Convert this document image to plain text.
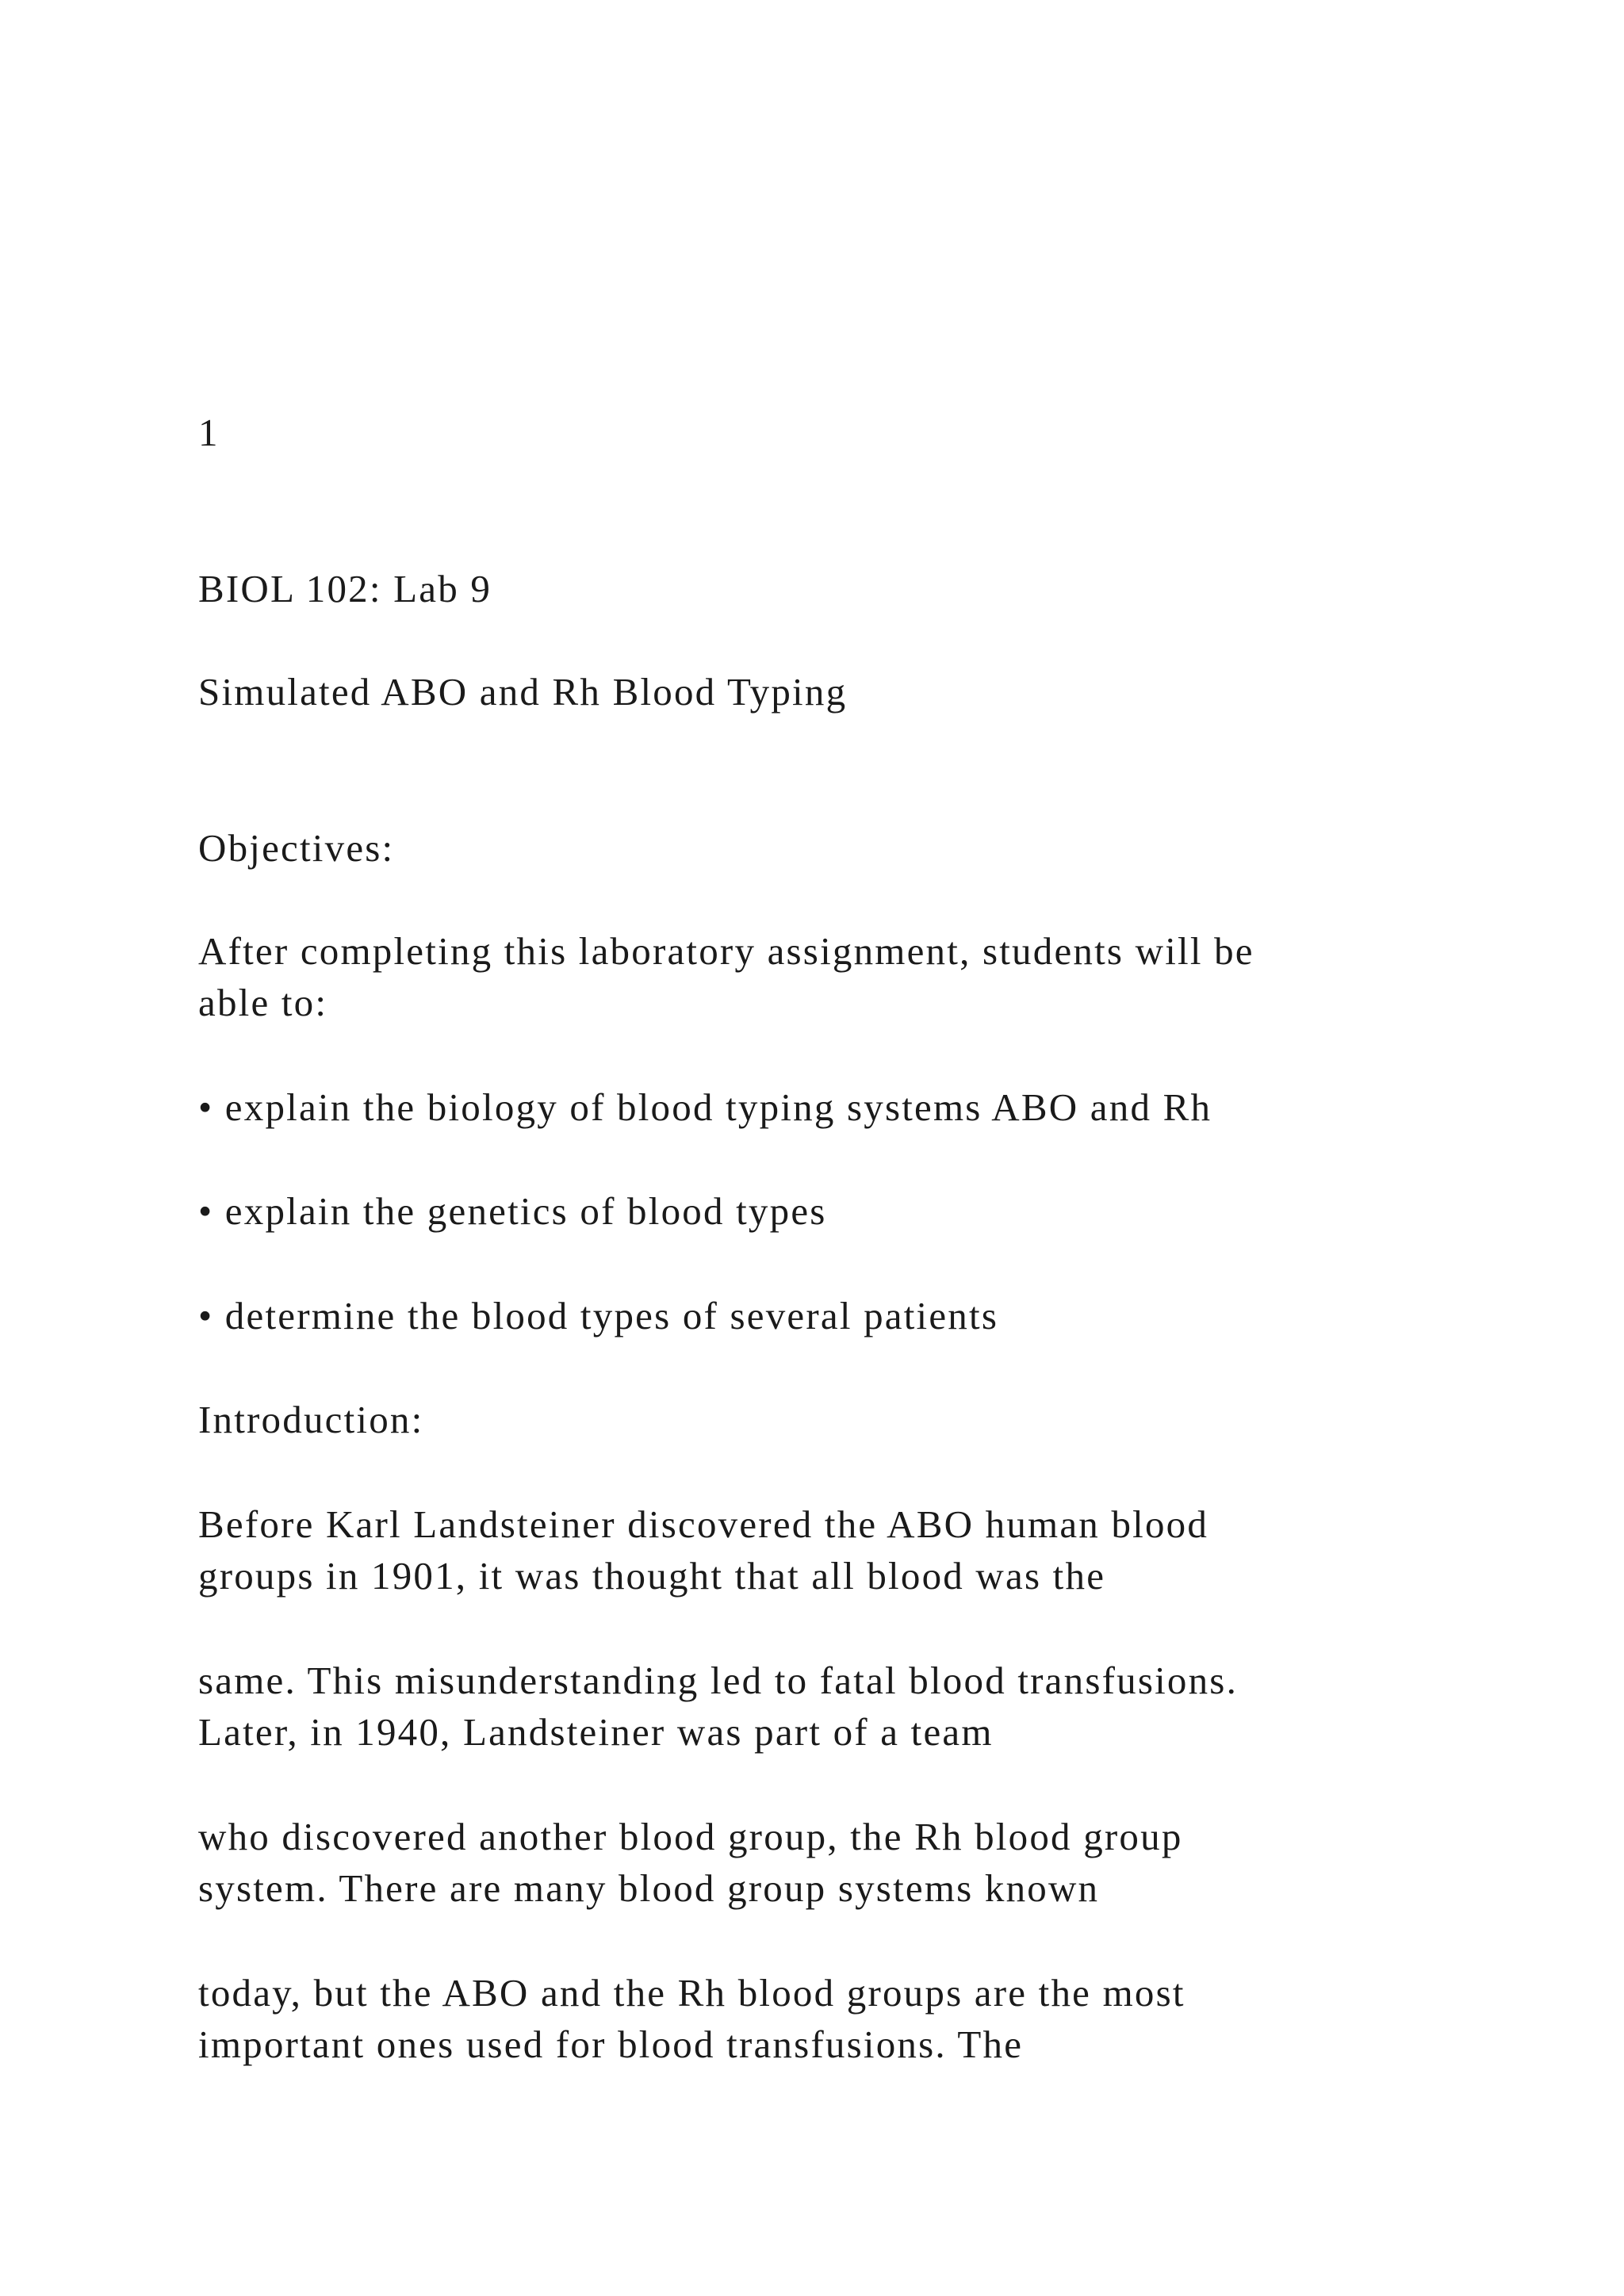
1

BIOL 102: Lab 9

Simulated ABO and Rh Blood Typing

Objectives:

After completing this laboratory assignment, students will be

able to:

• explain the biology of blood typing systems ABO and Rh

• explain the genetics of blood types

• determine the blood types of several patients

Introduction:

Before Karl Landsteiner discovered the ABO human blood

groups in 1901, it was thought that all blood was the

same. This misunderstanding led to fatal blood transfusions.

Later, in 1940, Landsteiner was part of a team

who discovered another blood group, the Rh blood group

system. There are many blood group systems known

today, but the ABO and the Rh blood groups are the most

important ones used for blood transfusions. The
